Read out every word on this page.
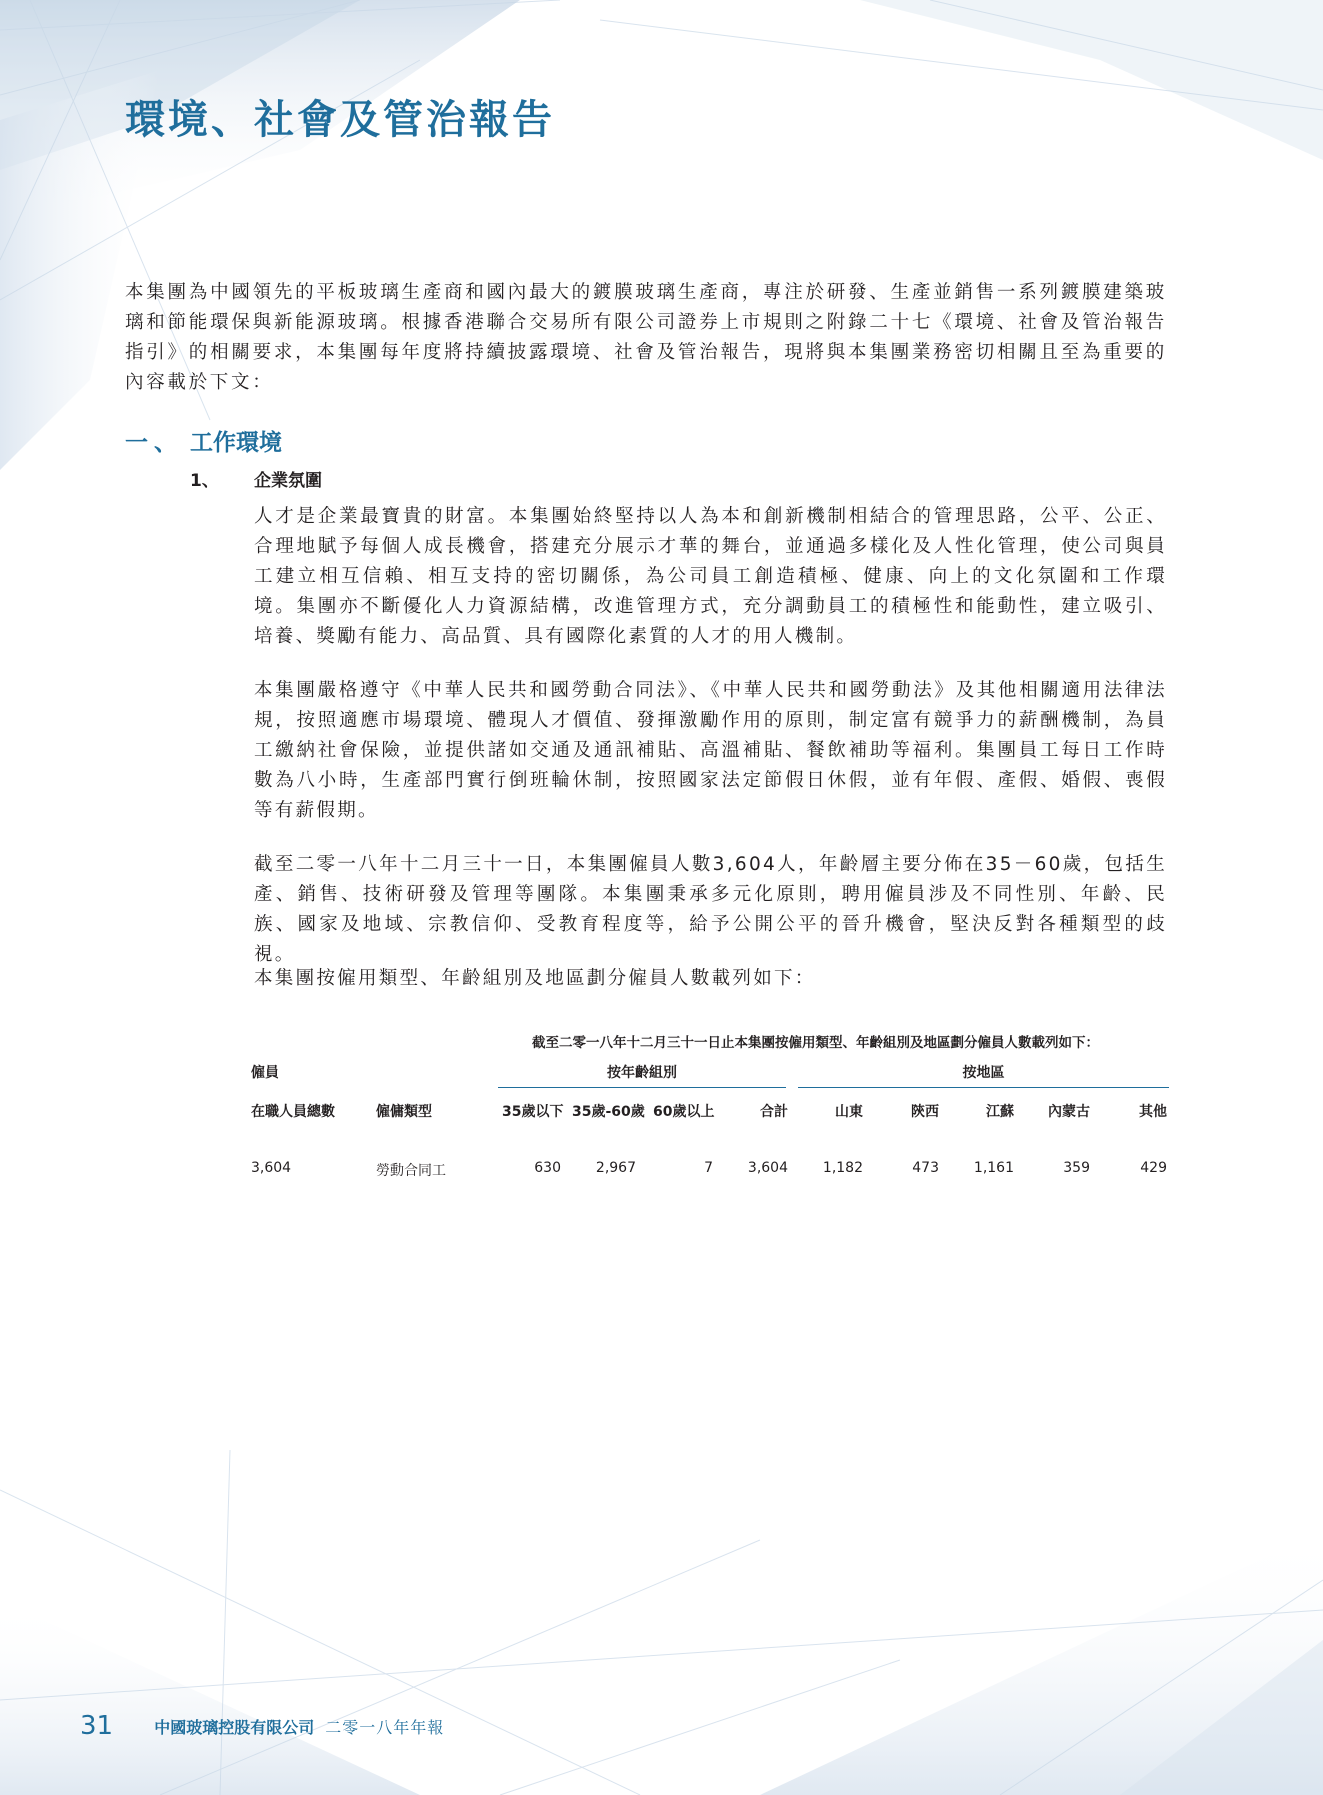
環境、社會及管治報告

本集團為中國領先的平板玻璃生產商和國內最大的鍍膜玻璃生產商，專注於研發、生產並銷售一系列鍍膜建築玻璃和節能環保與新能源玻璃。根據香港聯合交易所有限公司證券上市規則之附錄二十七《環境、社會及管治報告指引》的相關要求，本集團每年度將持續披露環境、社會及管治報告，現將與本集團業務密切相關且至為重要的內容載於下文：

一、 工作環境
1、 企業氛圍

人才是企業最寶貴的財富。本集團始終堅持以人為本和創新機制相結合的管理思路，公平、公正、合理地賦予每個人成長機會，搭建充分展示才華的舞台，並通過多樣化及人性化管理，使公司與員工建立相互信賴、相互支持的密切關係，為公司員工創造積極、健康、向上的文化氛圍和工作環境。集團亦不斷優化人力資源結構，改進管理方式，充分調動員工的積極性和能動性，建立吸引、培養、獎勵有能力、高品質、具有國際化素質的人才的用人機制。

本集團嚴格遵守《中華人民共和國勞動合同法》、《中華人民共和國勞動法》及其他相關適用法律法規，按照適應市場環境、體現人才價值、發揮激勵作用的原則，制定富有競爭力的薪酬機制，為員工繳納社會保險，並提供諸如交通及通訊補貼、高溫補貼、餐飲補助等福利。集團員工每日工作時數為八小時，生產部門實行倒班輪休制，按照國家法定節假日休假，並有年假、產假、婚假、喪假等有薪假期。

截至二零一八年十二月三十一日，本集團僱員人數3,604人，年齡層主要分佈在35－60歲，包括生產、銷售、技術研發及管理等團隊。本集團秉承多元化原則，聘用僱員涉及不同性別、年齡、民族、國家及地域、宗教信仰、受教育程度等，給予公開公平的晉升機會，堅決反對各種類型的歧視。

本集團按僱用類型、年齡組別及地區劃分僱員人數載列如下：

截至二零一八年十二月三十一日止本集團按僱用類型、年齡組別及地區劃分僱員人數載列如下：
僱員	按年齡組別	按地區
在職人員總數	僱傭類型	35歲以下 35歲-60歲 60歲以上	合計	山東	陝西	江蘇	內蒙古	其他
3,604	勞動合同工	630	2,967	7	3,604	1,182	473	1,161	359	429
31	中國玻璃控股有限公司 二零一八年年報
